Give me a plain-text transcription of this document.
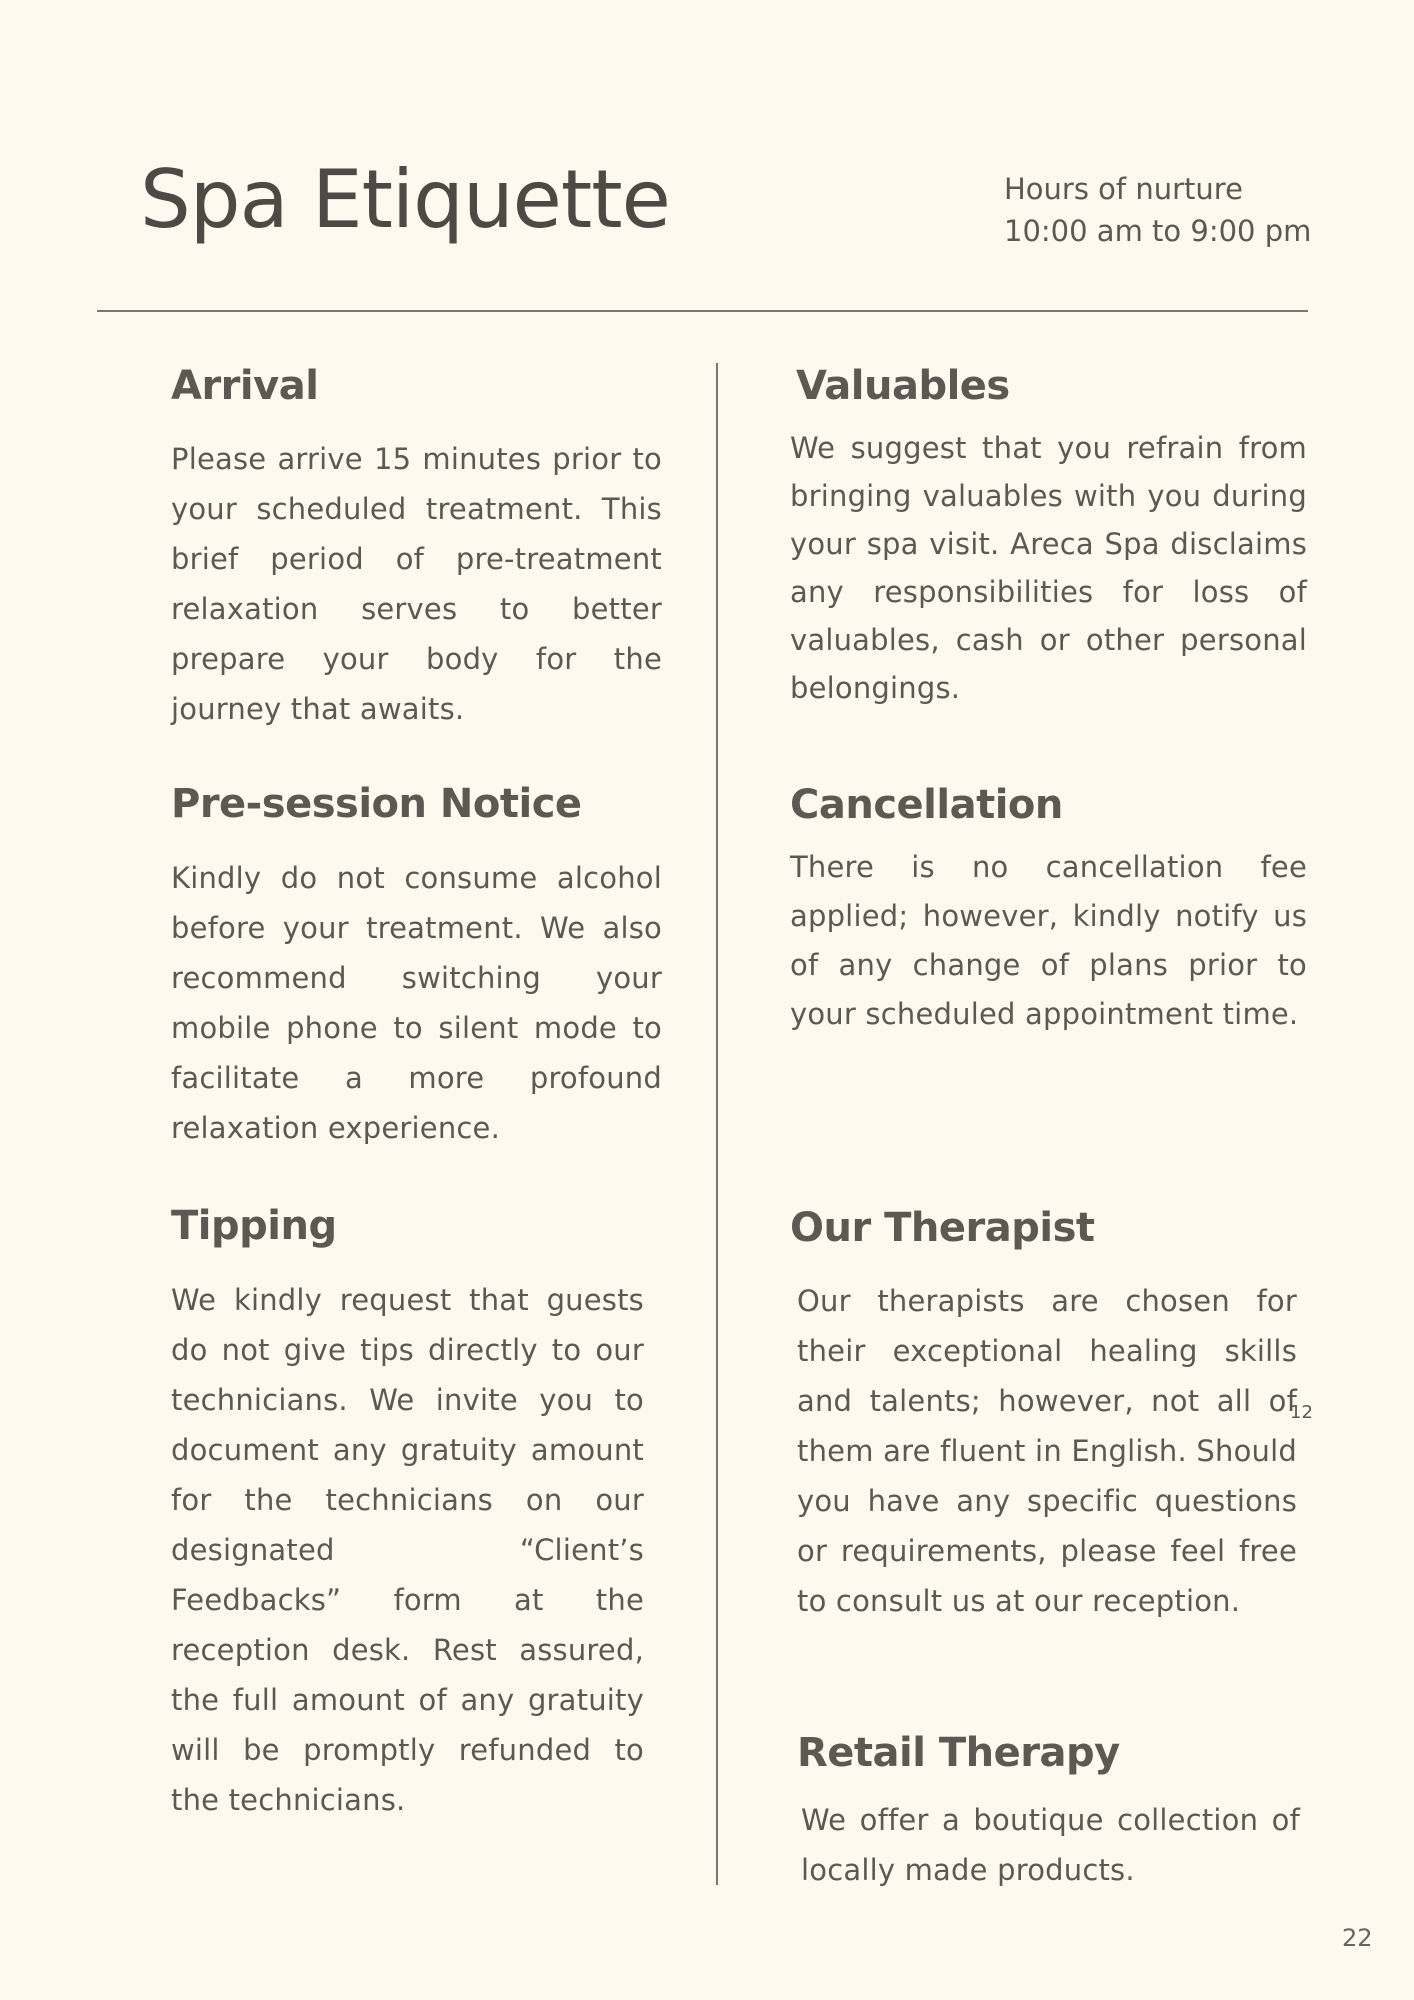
Spa Etiquette	Hours of nurture
10:00 am to 9:00 pm
Arrival

Please arrive 15 minutes prior to your scheduled treatment. This brief period of pre-treatment relaxation serves to better prepare your body for the journey that awaits.

Pre-session Notice

Kindly do not consume alcohol before your treatment. We also recommend switching your mobile phone to silent mode to facilitate a more profound relaxation experience.

Tipping

We kindly request that guests do not give tips directly to our technicians. We invite you to document any gratuity amount for the technicians on our designated “Client’s Feedbacks” form at the reception desk. Rest assured, the full amount of any gratuity will be promptly refunded to the technicians.

Valuables

We suggest that you refrain from bringing valuables with you during your spa visit. Areca Spa disclaims any responsibilities for loss of valuables, cash or other personal belongings.

Cancellation

There is no cancellation fee applied; however, kindly notify us of any change of plans prior to your scheduled appointment time.

Our Therapist

Our therapists are chosen for their exceptional healing skills and talents; however, not all of them are fluent in English. Should you have any specific questions or requirements, please feel free to consult us at our reception.

Retail Therapy

We offer a boutique collection of locally made products.

12
22
